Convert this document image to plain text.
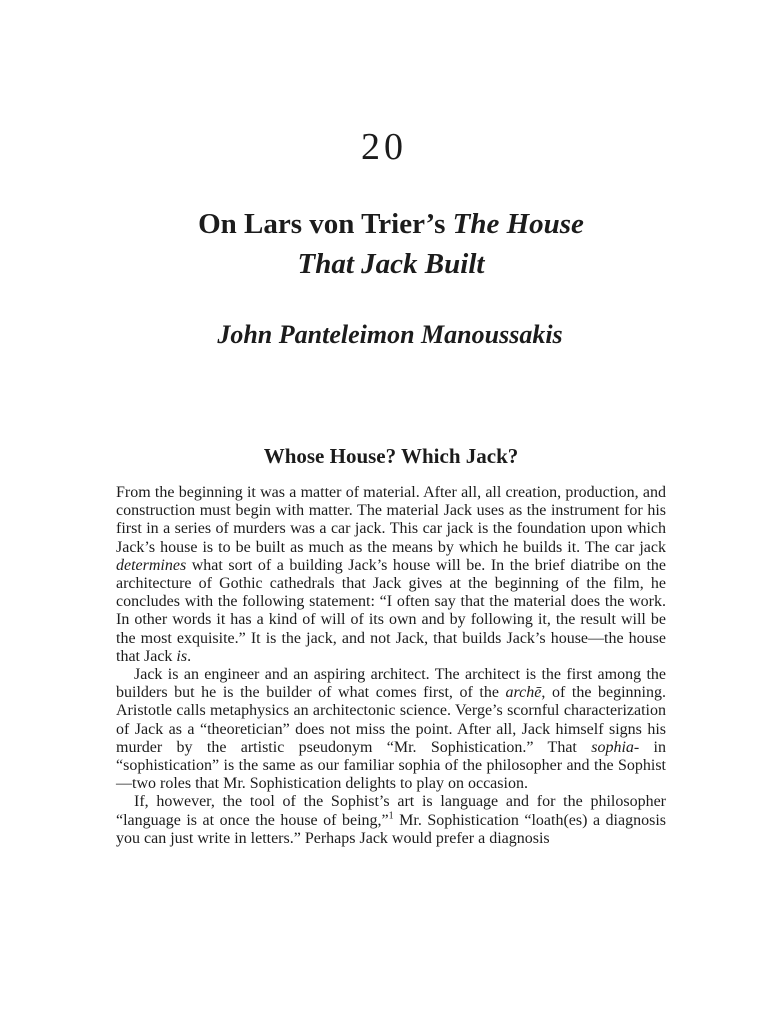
20
On Lars von Trier’s The House
That Jack Built
John Panteleimon Manoussakis
Whose House? Which Jack?

From the beginning it was a matter of material. After all, all creation, production, and construction must begin with matter. The material Jack uses as the instrument for his first in a series of murders was a car jack. This car jack is the foundation upon which Jack’s house is to be built as much as the means by which he builds it. The car jack determines what sort of a building Jack’s house will be. In the brief diatribe on the architecture of Gothic cathedrals that Jack gives at the beginning of the film, he concludes with the following statement: “I often say that the material does the work. In other words it has a kind of will of its own and by following it, the result will be the most exquisite.” It is the jack, and not Jack, that builds Jack’s house—the house that Jack is.

Jack is an engineer and an aspiring architect. The architect is the first among the builders but he is the builder of what comes first, of the archē, of the beginning. Aristotle calls metaphysics an architectonic science. Verge’s scornful characterization of Jack as a “theoretician” does not miss the point. After all, Jack himself signs his murder by the artistic pseudonym “Mr. Sophistication.” That sophia- in “sophistication” is the same as our familiar sophia of the philosopher and the Sophist—two roles that Mr. Sophistication delights to play on occasion.

If, however, the tool of the Sophist’s art is language and for the philosopher “language is at once the house of being,”$^1$ Mr. Sophistication “loath(es) a diagnosis you can just write in letters.” Perhaps Jack would prefer a diagnosis
